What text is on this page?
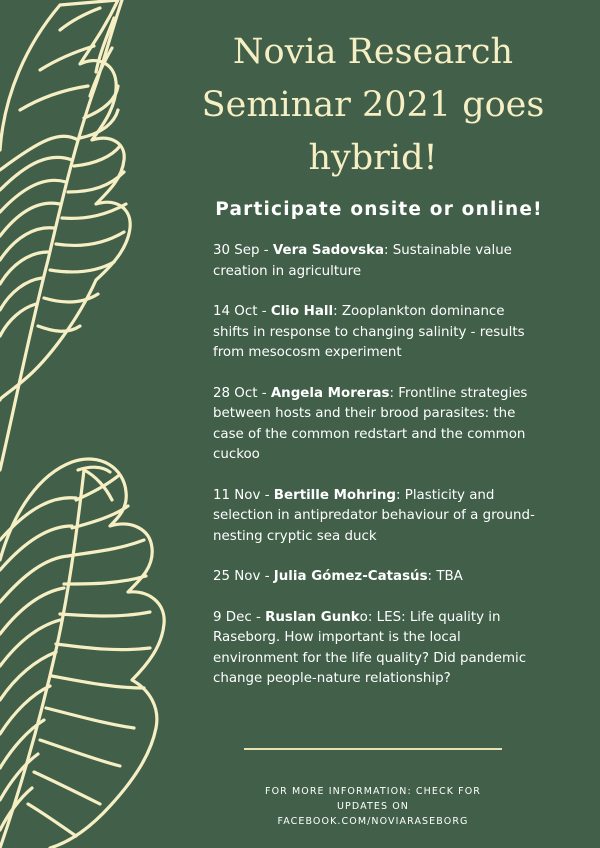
Novia Research Seminar 2021 goes hybrid!
Participate onsite or online!
30 Sep - Vera Sadovska: Sustainable value creation in agriculture
14 Oct - Clio Hall: Zooplankton dominance shifts in response to changing salinity - results from mesocosm experiment
28 Oct - Angela Moreras: Frontline strategies between hosts and their brood parasites: the case of the common redstart and the common cuckoo
11 Nov - Bertille Mohring: Plasticity and selection in antipredator behaviour of a ground-nesting cryptic sea duck
25 Nov - Julia Gómez-Catasús: TBA
9 Dec - Ruslan Gunko: LES: Life quality in Raseborg. How important is the local environment for the life quality? Did pandemic change people-nature relationship?
FOR MORE INFORMATION: CHECK FOR UPDATES ON
FACEBOOK.COM/NOVIARASEBORG
